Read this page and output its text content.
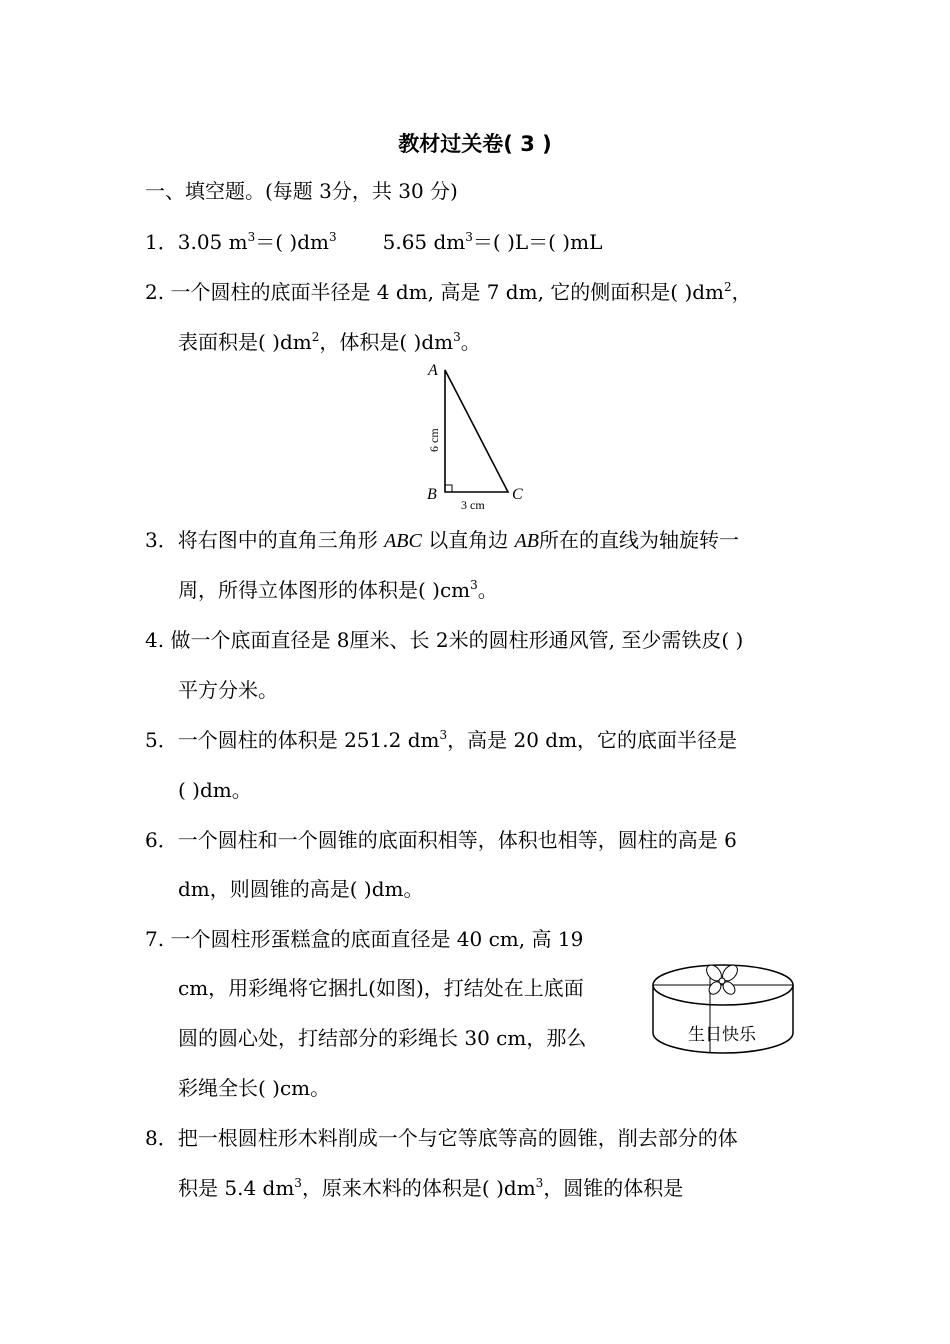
教材过关卷( 3 )
一、填空题。(每题 3分，共 30 分)
1．3.05 $m^3=$( )$dm^3$ 5.65 $dm^3=$( )L＝( )mL
2. 一个圆柱的底面半径是 4 dm, 高是 7 dm, 它的侧面积是( )$dm^2$，
表面积是( )$dm^2$，体积是( )$dm^3$。
A
B	C
6 cm
3 cm
3．将右图中的直角三角形 ABC 以直角边 AB所在的直线为轴旋转一
周，所得立体图形的体积是( )$cm^3$。
4. 做一个底面直径是 8厘米、长 2米的圆柱形通风管, 至少需铁皮( )
平方分米。
5．一个圆柱的体积是 251.2 $dm^3$，高是 20 dm，它的底面半径是
( )dm。
6．一个圆柱和一个圆锥的底面积相等，体积也相等，圆柱的高是 6
dm，则圆锥的高是( )dm。
7. 一个圆柱形蛋糕盒的底面直径是 40 cm, 高 19
cm，用彩绳将它捆扎(如图)，打结处在上底面
圆的圆心处，打结部分的彩绳长 30 cm，那么
彩绳全长( )cm。
生日快乐
8．把一根圆柱形木料削成一个与它等底等高的圆锥，削去部分的体
积是 5.4 $dm^3$，原来木料的体积是( )$dm^3$，圆锥的体积是
